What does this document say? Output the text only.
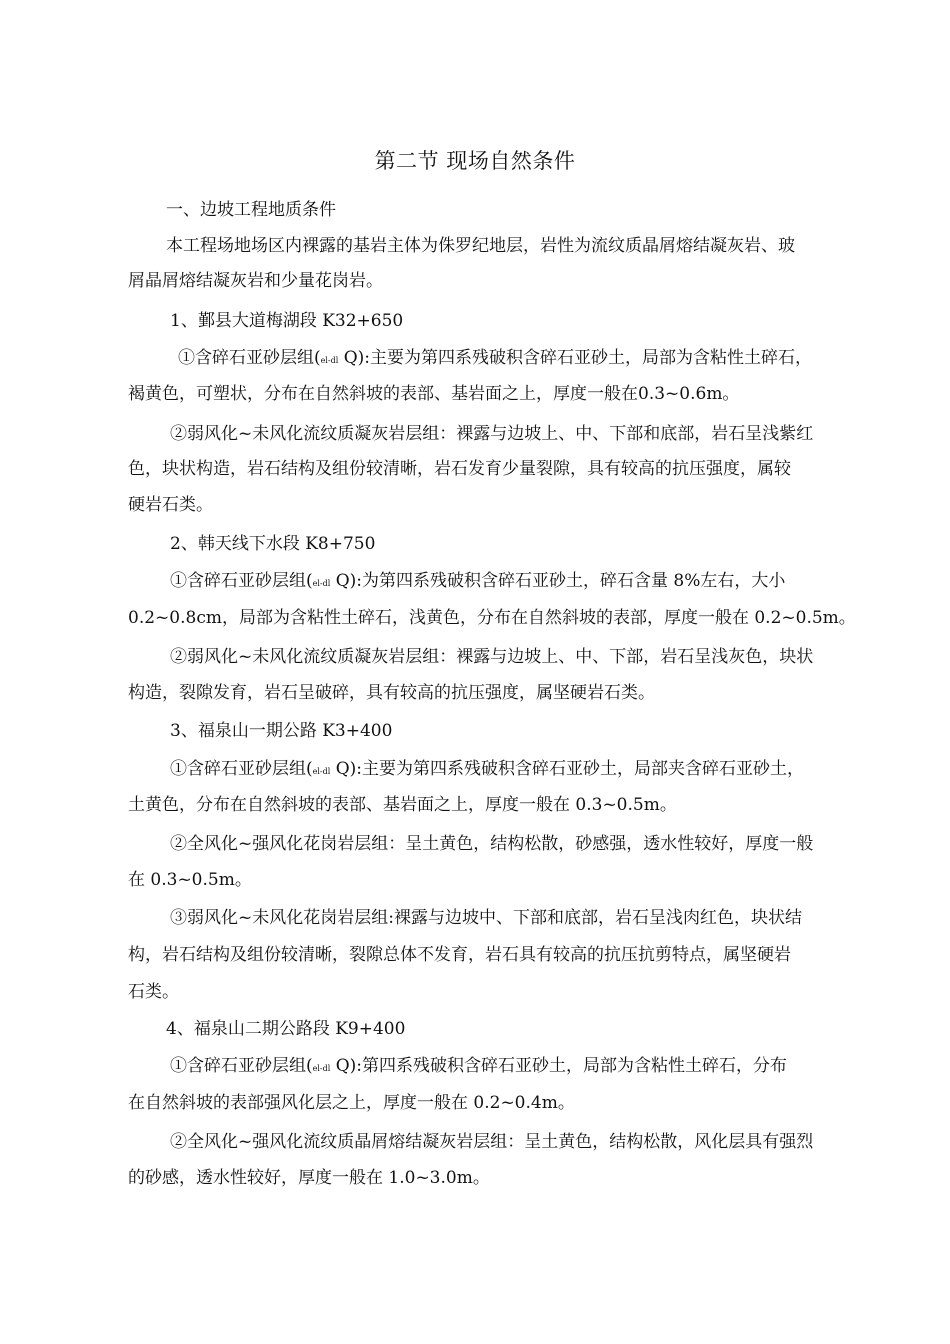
第二节 现场自然条件
一、边坡工程地质条件
本工程场地场区内裸露的基岩主体为侏罗纪地层，岩性为流纹质晶屑熔结凝灰岩、玻
屑晶屑熔结凝灰岩和少量花岗岩。
1、鄞县大道梅湖段 K32+650
①含碎石亚砂层组(el-dl Q):主要为第四系残破积含碎石亚砂土，局部为含粘性土碎石，
褐黄色，可塑状，分布在自然斜坡的表部、基岩面之上，厚度一般在0.3~0.6m。
②弱风化~未风化流纹质凝灰岩层组：裸露与边坡上、中、下部和底部，岩石呈浅紫红
色，块状构造，岩石结构及组份较清晰，岩石发育少量裂隙，具有较高的抗压强度，属较
硬岩石类。
2、韩天线下水段 K8+750
①含碎石亚砂层组(el-dl Q):为第四系残破积含碎石亚砂土，碎石含量 8%左右，大小
0.2~0.8cm，局部为含粘性土碎石，浅黄色，分布在自然斜坡的表部，厚度一般在 0.2~0.5m。
②弱风化~未风化流纹质凝灰岩层组：裸露与边坡上、中、下部，岩石呈浅灰色，块状
构造，裂隙发育，岩石呈破碎，具有较高的抗压强度，属坚硬岩石类。
3、福泉山一期公路 K3+400
①含碎石亚砂层组(el-dl Q):主要为第四系残破积含碎石亚砂土，局部夹含碎石亚砂土，
土黄色，分布在自然斜坡的表部、基岩面之上，厚度一般在 0.3~0.5m。
②全风化~强风化花岗岩层组：呈土黄色，结构松散，砂感强，透水性较好，厚度一般
在 0.3~0.5m。
③弱风化~未风化花岗岩层组:裸露与边坡中、下部和底部，岩石呈浅肉红色，块状结
构，岩石结构及组份较清晰，裂隙总体不发育，岩石具有较高的抗压抗剪特点，属坚硬岩
石类。
4、福泉山二期公路段 K9+400
①含碎石亚砂层组(el-dl Q):第四系残破积含碎石亚砂土，局部为含粘性土碎石，分布
在自然斜坡的表部强风化层之上，厚度一般在 0.2~0.4m。
②全风化~强风化流纹质晶屑熔结凝灰岩层组：呈土黄色，结构松散，风化层具有强烈
的砂感，透水性较好，厚度一般在 1.0~3.0m。
